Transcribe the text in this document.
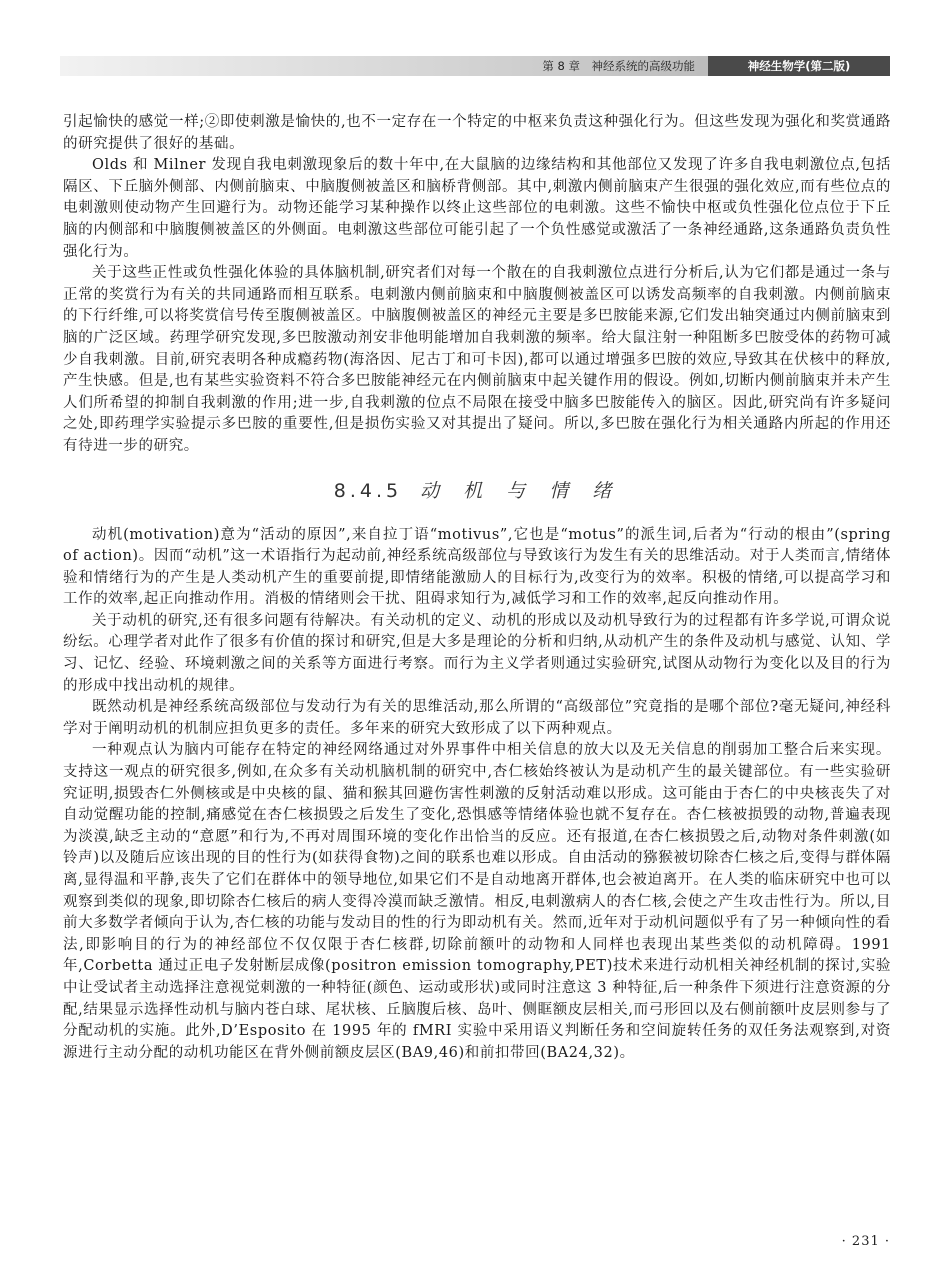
第 8 章　神经系统的高级功能	神经生物学(第二版)

引起愉快的感觉一样;②即使刺激是愉快的,也不一定存在一个特定的中枢来负责这种强化行为。但这些发现为强化和奖赏通路的研究提供了很好的基础。

Olds 和 Milner 发现自我电刺激现象后的数十年中,在大鼠脑的边缘结构和其他部位又发现了许多自我电刺激位点,包括隔区、下丘脑外侧部、内侧前脑束、中脑腹侧被盖区和脑桥背侧部。其中,刺激内侧前脑束产生很强的强化效应,而有些位点的电刺激则使动物产生回避行为。动物还能学习某种操作以终止这些部位的电刺激。这些不愉快中枢或负性强化位点位于下丘脑的内侧部和中脑腹侧被盖区的外侧面。电刺激这些部位可能引起了一个负性感觉或激活了一条神经通路,这条通路负责负性强化行为。

关于这些正性或负性强化体验的具体脑机制,研究者们对每一个散在的自我刺激位点进行分析后,认为它们都是通过一条与正常的奖赏行为有关的共同通路而相互联系。电刺激内侧前脑束和中脑腹侧被盖区可以诱发高频率的自我刺激。内侧前脑束的下行纤维,可以将奖赏信号传至腹侧被盖区。中脑腹侧被盖区的神经元主要是多巴胺能来源,它们发出轴突通过内侧前脑束到脑的广泛区域。药理学研究发现,多巴胺激动剂安非他明能增加自我刺激的频率。给大鼠注射一种阻断多巴胺受体的药物可减少自我刺激。目前,研究表明各种成瘾药物(海洛因、尼古丁和可卡因),都可以通过增强多巴胺的效应,导致其在伏核中的释放,产生快感。但是,也有某些实验资料不符合多巴胺能神经元在内侧前脑束中起关键作用的假设。例如,切断内侧前脑束并未产生人们所希望的抑制自我刺激的作用;进一步,自我刺激的位点不局限在接受中脑多巴胺能传入的脑区。因此,研究尚有许多疑问之处,即药理学实验提示多巴胺的重要性,但是损伤实验又对其提出了疑问。所以,多巴胺在强化行为相关通路内所起的作用还有待进一步的研究。

8.4.5 动 机 与 情 绪

动机(motivation)意为“活动的原因”,来自拉丁语“motivus”,它也是“motus”的派生词,后者为“行动的根由”(spring of action)。因而“动机”这一术语指行为起动前,神经系统高级部位与导致该行为发生有关的思维活动。对于人类而言,情绪体验和情绪行为的产生是人类动机产生的重要前提,即情绪能激励人的目标行为,改变行为的效率。积极的情绪,可以提高学习和工作的效率,起正向推动作用。消极的情绪则会干扰、阻碍求知行为,减低学习和工作的效率,起反向推动作用。

关于动机的研究,还有很多问题有待解决。有关动机的定义、动机的形成以及动机导致行为的过程都有许多学说,可谓众说纷纭。心理学者对此作了很多有价值的探讨和研究,但是大多是理论的分析和归纳,从动机产生的条件及动机与感觉、认知、学习、记忆、经验、环境刺激之间的关系等方面进行考察。而行为主义学者则通过实验研究,试图从动物行为变化以及目的行为的形成中找出动机的规律。

既然动机是神经系统高级部位与发动行为有关的思维活动,那么所谓的“高级部位”究竟指的是哪个部位?毫无疑问,神经科学对于阐明动机的机制应担负更多的责任。多年来的研究大致形成了以下两种观点。

一种观点认为脑内可能存在特定的神经网络通过对外界事件中相关信息的放大以及无关信息的削弱加工整合后来实现。支持这一观点的研究很多,例如,在众多有关动机脑机制的研究中,杏仁核始终被认为是动机产生的最关键部位。有一些实验研究证明,损毁杏仁外侧核或是中央核的鼠、猫和猴其回避伤害性刺激的反射活动难以形成。这可能由于杏仁的中央核丧失了对自动觉醒功能的控制,痛感觉在杏仁核损毁之后发生了变化,恐惧感等情绪体验也就不复存在。杏仁核被损毁的动物,普遍表现为淡漠,缺乏主动的“意愿”和行为,不再对周围环境的变化作出恰当的反应。还有报道,在杏仁核损毁之后,动物对条件刺激(如铃声)以及随后应该出现的目的性行为(如获得食物)之间的联系也难以形成。自由活动的猕猴被切除杏仁核之后,变得与群体隔离,显得温和平静,丧失了它们在群体中的领导地位,如果它们不是自动地离开群体,也会被迫离开。在人类的临床研究中也可以观察到类似的现象,即切除杏仁核后的病人变得冷漠而缺乏激情。相反,电刺激病人的杏仁核,会使之产生攻击性行为。所以,目前大多数学者倾向于认为,杏仁核的功能与发动目的性的行为即动机有关。然而,近年对于动机问题似乎有了另一种倾向性的看法,即影响目的行为的神经部位不仅仅限于杏仁核群,切除前额叶的动物和人同样也表现出某些类似的动机障碍。1991 年,Corbetta 通过正电子发射断层成像(positron emission tomography,PET)技术来进行动机相关神经机制的探讨,实验中让受试者主动选择注意视觉刺激的一种特征(颜色、运动或形状)或同时注意这 3 种特征,后一种条件下须进行注意资源的分配,结果显示选择性动机与脑内苍白球、尾状核、丘脑腹后核、岛叶、侧眶额皮层相关,而弓形回以及右侧前额叶皮层则参与了分配动机的实施。此外,D’Esposito 在 1995 年的 fMRI 实验中采用语义判断任务和空间旋转任务的双任务法观察到,对资源进行主动分配的动机功能区在背外侧前额皮层区(BA9,46)和前扣带回(BA24,32)。

· 231 ·
